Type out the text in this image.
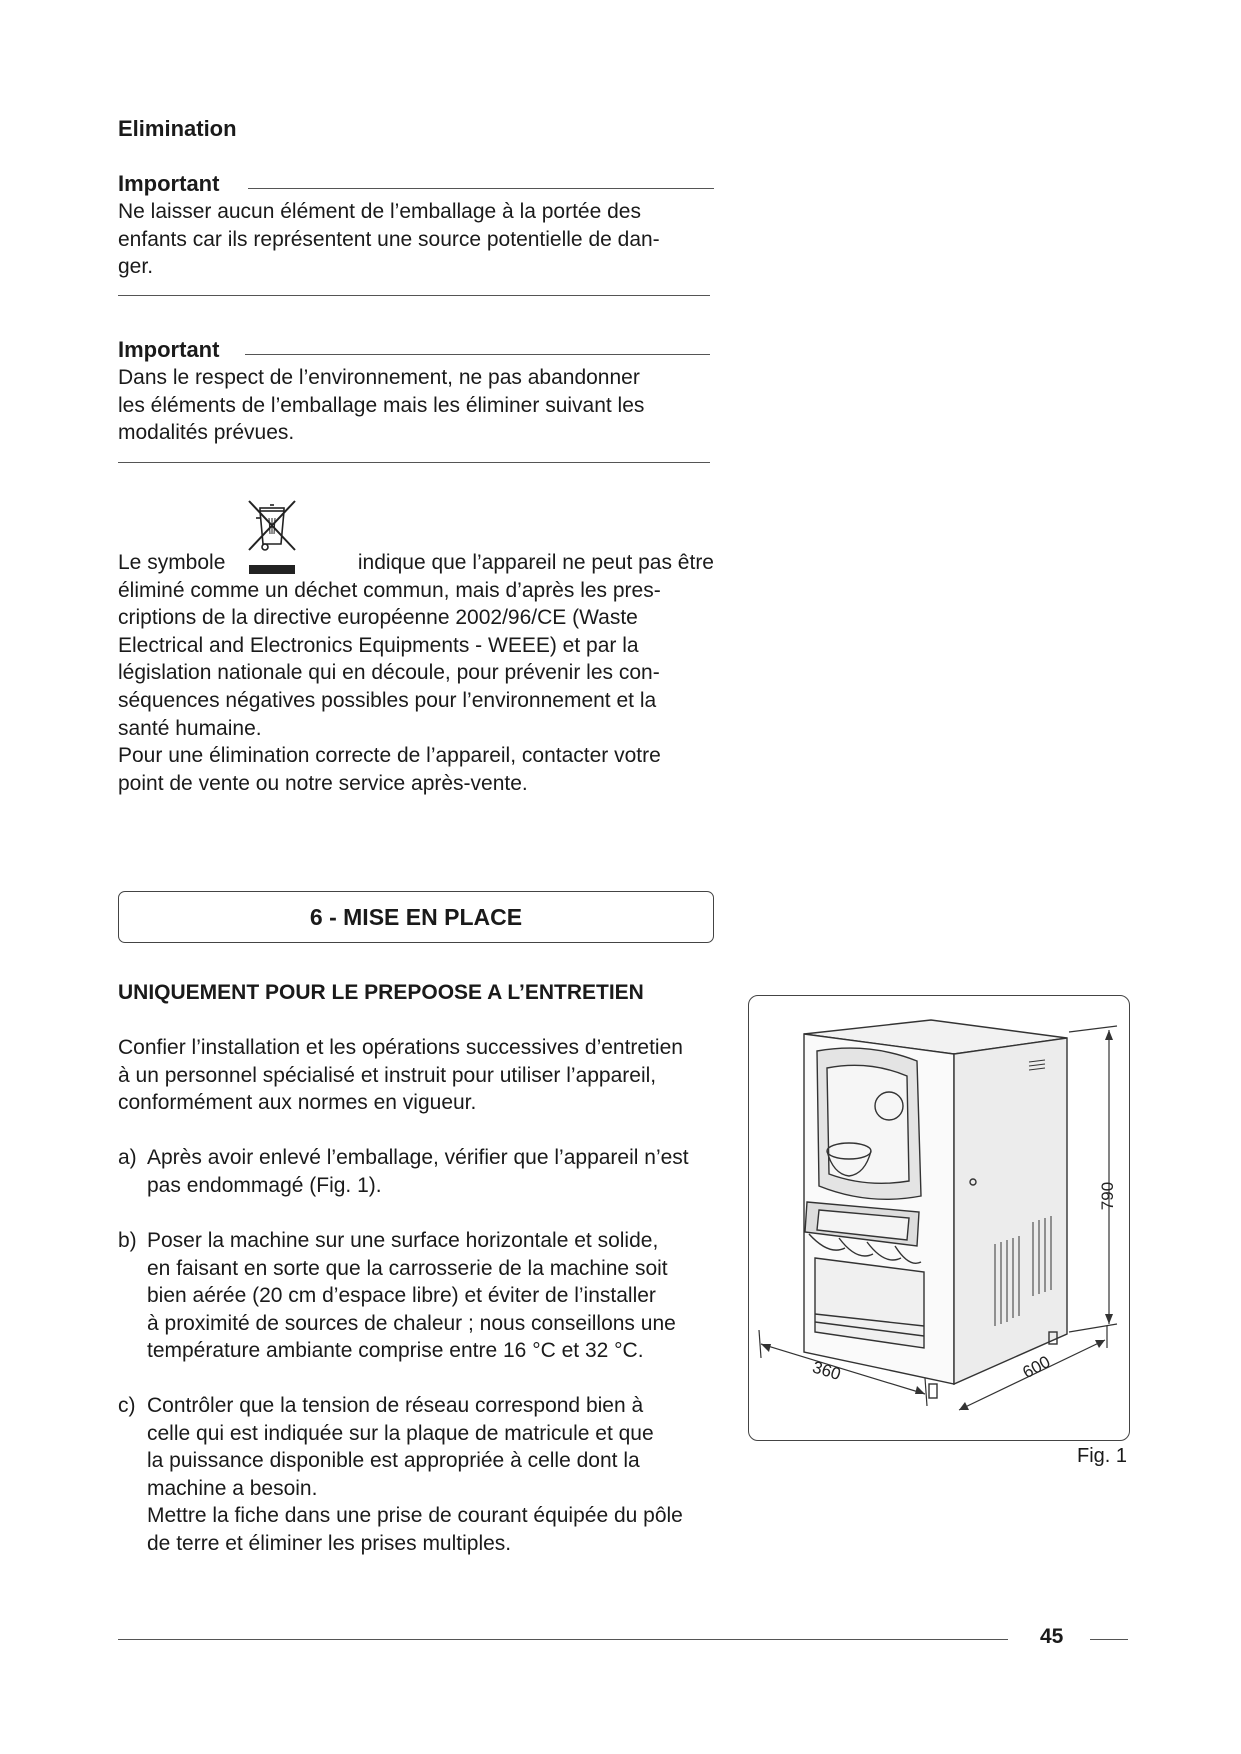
Elimination
Important
Ne laisser aucun élément de l’emballage à la portée des
enfants car ils représentent une source potentielle de dan-
ger.
Important
Dans le respect de l’environnement, ne pas abandonner
les éléments de l’emballage mais les éliminer suivant les
modalités prévues.
Le symbole	indique que l’appareil ne peut pas être
éliminé comme un déchet commun, mais d’après les pres-
criptions de la directive européenne 2002/96/CE (Waste
Electrical and Electronics Equipments - WEEE) et par la
législation nationale qui en découle, pour prévenir les con-
séquences négatives possibles pour l’environnement et la
santé humaine.
Pour une élimination correcte de l’appareil, contacter votre
point de vente ou notre service après-vente.
6 - MISE EN PLACE
UNIQUEMENT POUR LE PREPOOSE A L’ENTRETIEN
Confier l’installation et les opérations successives d’entretien
à un personnel spécialisé et instruit pour utiliser l’appareil,
conformément aux normes en vigueur.
a) Après avoir enlevé l’emballage, vérifier que l’appareil n’est
pas endommagé (Fig. 1).
b) Poser la machine sur une surface horizontale et solide,
en faisant en sorte que la carrosserie de la machine soit
bien aérée (20 cm d’espace libre) et éviter de l’installer
à proximité de sources de chaleur ; nous conseillons une
température ambiante comprise entre 16 °C et 32 °C.
c) Contrôler que la tension de réseau correspond bien à
celle qui est indiquée sur la plaque de matricule et que
la puissance disponible est appropriée à celle dont la
machine a besoin.
Mettre la fiche dans une prise de courant équipée du pôle
de terre et éliminer les prises multiples.
790
360	600
Fig. 1
45
